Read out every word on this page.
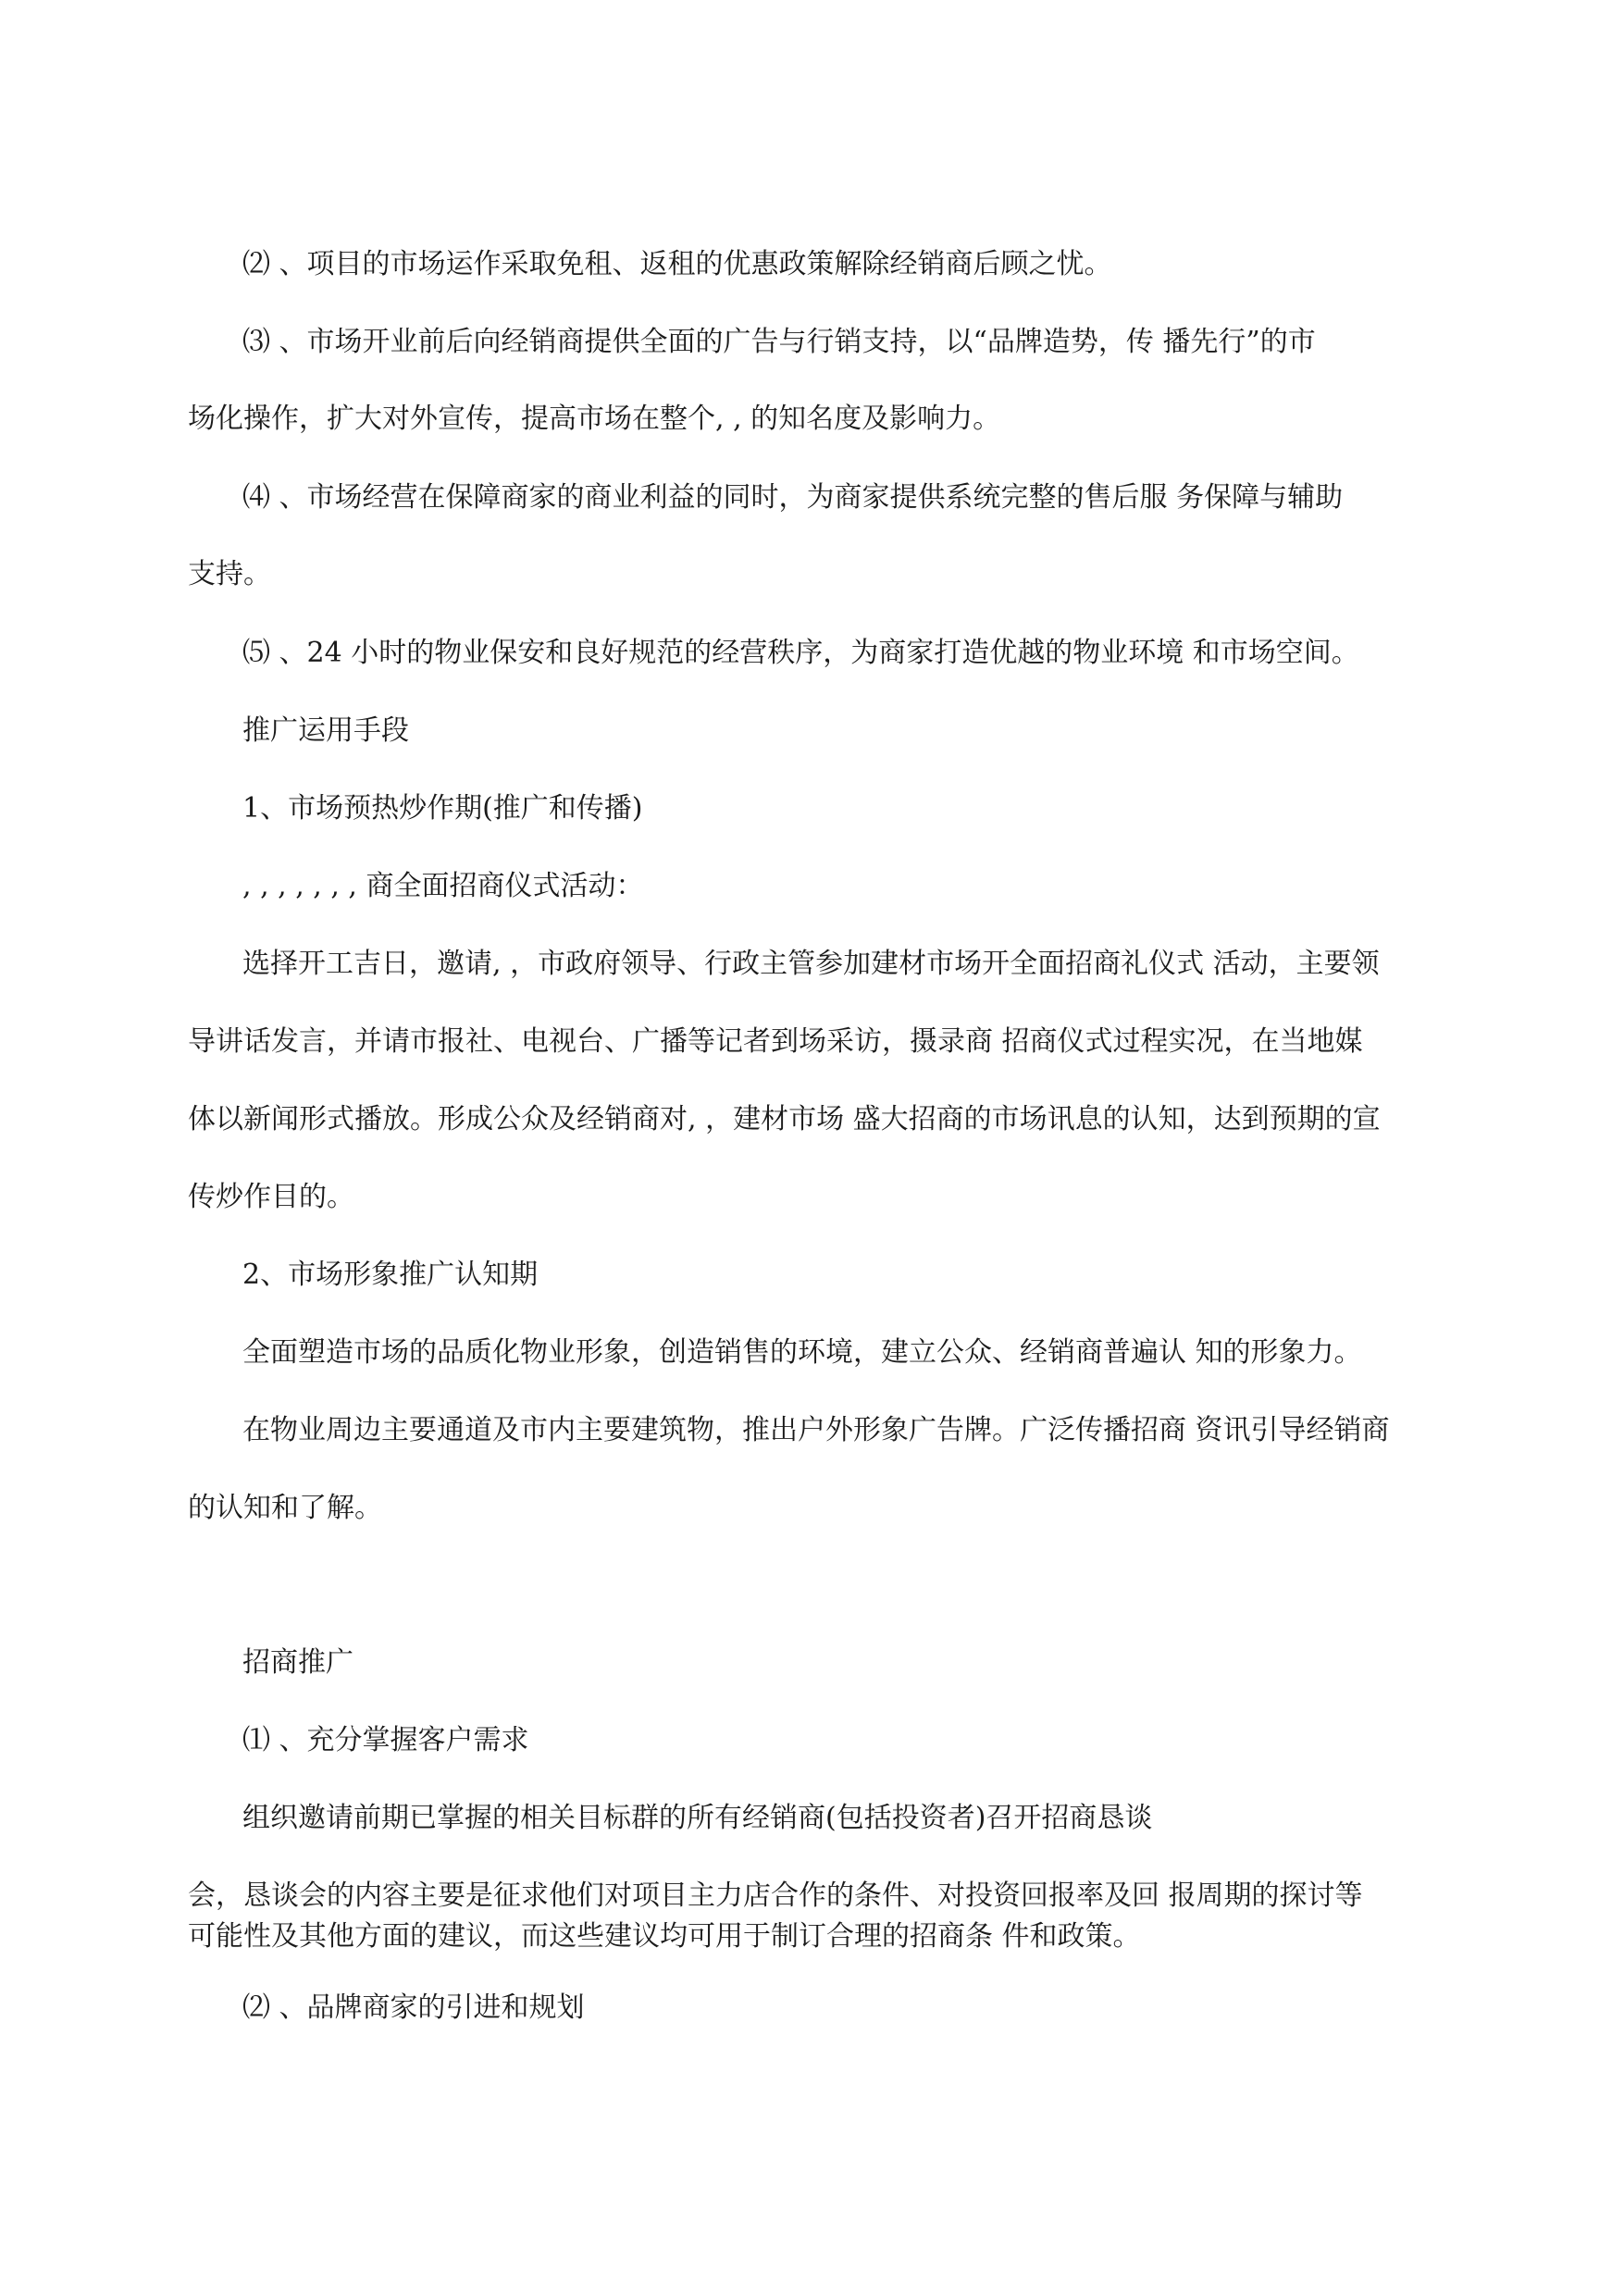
⑵ 、项目的市场运作采取免租、返租的优惠政策解除经销商后顾之忧。
⑶ 、市场开业前后向经销商提供全面的广告与行销支持，以“品牌造势，传 播先行”的市
场化操作，扩大对外宣传，提高市场在整个, , 的知名度及影响力。
⑷ 、市场经营在保障商家的商业利益的同时，为商家提供系统完整的售后服 务保障与辅助
支持。
⑸ 、24 小时的物业保安和良好规范的经营秩序，为商家打造优越的物业环境 和市场空间。
推广运用手段
1、市场预热炒作期(推广和传播)
, , , , , , , 商全面招商仪式活动：
选择开工吉日，邀请, ，市政府领导、行政主管参加建材市场开全面招商礼仪式 活动，主要领
导讲话发言，并请市报社、电视台、广播等记者到场采访，摄录商 招商仪式过程实况，在当地媒
体以新闻形式播放。形成公众及经销商对, ，建材市场 盛大招商的市场讯息的认知，达到预期的宣
传炒作目的。
2、市场形象推广认知期
全面塑造市场的品质化物业形象，创造销售的环境，建立公众、经销商普遍认 知的形象力。
在物业周边主要通道及市内主要建筑物，推出户外形象广告牌。广泛传播招商 资讯引导经销商
的认知和了解。
招商推广
⑴ 、充分掌握客户需求
组织邀请前期已掌握的相关目标群的所有经销商(包括投资者)召开招商恳谈
会，恳谈会的内容主要是征求他们对项目主力店合作的条件、对投资回报率及回 报周期的探讨等
可能性及其他方面的建议，而这些建议均可用于制订合理的招商条 件和政策。
⑵ 、品牌商家的引进和规划
